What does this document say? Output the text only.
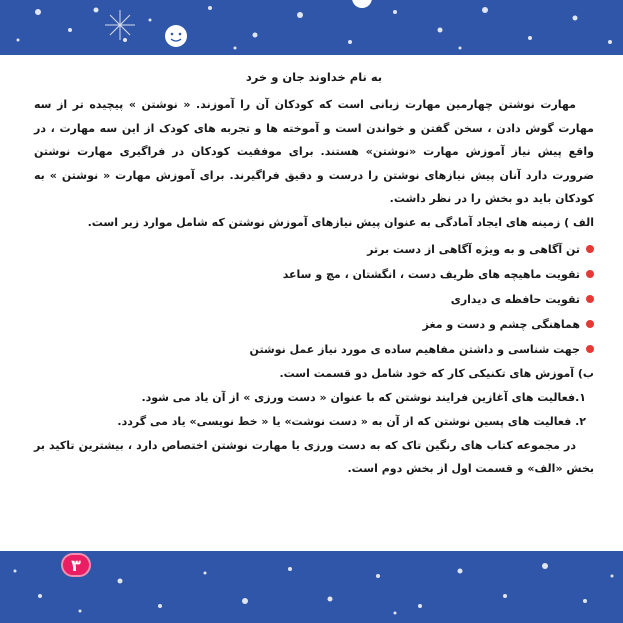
به نام خداوند جان و خرد

مهارت نوشتن چهارمین مهارت زبانی است که کودکان آن را آموزند. « نوشتن » پیچیده تر از سه مهارت گوش دادن ، سخن گفتن و خواندن است و آموخته ها و تجربه های کودک از این سه مهارت ، در واقع پیش نیاز آموزش مهارت «نوشتن» هستند. برای موفقیت کودکان در فراگیری مهارت نوشتن ضرورت دارد آنان پیش نیازهای نوشتن را درست و دقیق فراگیرند. برای آموزش مهارت « نوشتن » به کودکان باید دو بخش را در نظر داشت.

الف ) زمینه های ایجاد آمادگی به عنوان پیش نیازهای آموزش نوشتن که شامل موارد زیر است.

تن آگاهی و به ویژه آگاهی از دست برتر
تقویت ماهیچه های ظریف دست ، انگشتان ، مچ و ساعد
تقویت حافظه ی دیداری
هماهنگی چشم و دست و مغز
جهت شناسی و داشتن مفاهیم ساده ی مورد نیاز عمل نوشتن

ب) آموزش های تکنیکی کار که خود شامل دو قسمت است.

۱.فعالیت های آغازین فرایند نوشتن که با عنوان « دست ورزی » از آن یاد می شود.

۲. فعالیت های پسین نوشتن که از آن به « دست نوشت» یا « خط نویسی» یاد می گردد.

در مجموعه کتاب های رنگین تاک که به دست ورزی یا مهارت نوشتن اختصاص دارد ، بیشترین تاکید بر بخش «الف» و قسمت اول از بخش دوم است.

۳
